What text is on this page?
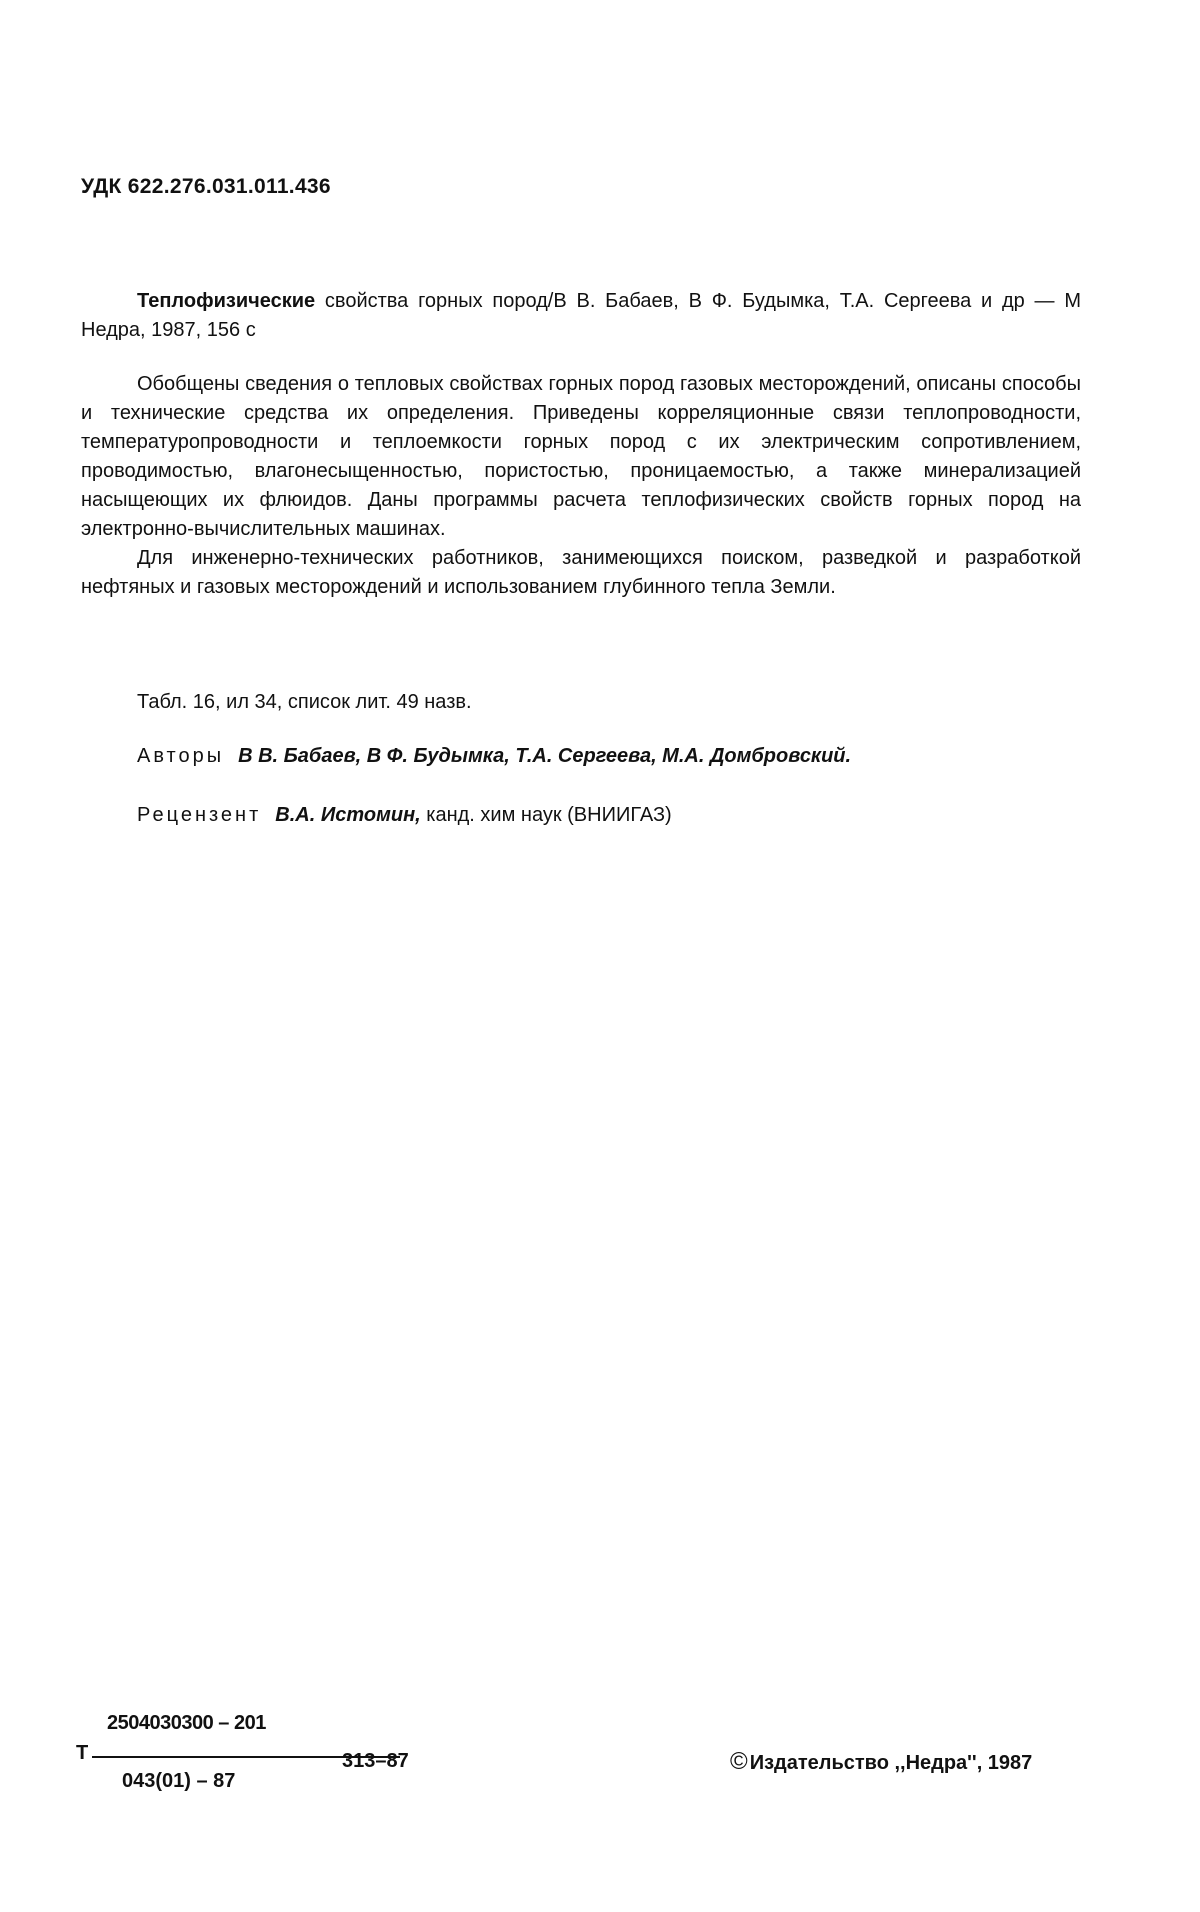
УДК 622.276.031.011.436

Теплофизические свойства горных пород/В В. Бабаев, В Ф. Будымка, Т.А. Сергеева и др — М Недра, 1987, 156 с

Обобщены сведения о тепловых свойствах горных пород газовых месторождений, описаны способы и технические средства их определения. Приведены корреляционные связи теплопроводности, температуропроводности и теплоемкости горных пород с их электрическим сопротивлением, проводимостью, влагонесыщенностью, пористостью, проницаемостью, а также минерализацией насыщеющих их флюидов. Даны программы расчета теплофизических свойств горных пород на электронно-вычислительных машинах.

Для инженерно-технических работников, занимеющихся поиском, разведкой и разработкой нефтяных и газовых месторождений и использованием глубинного тепла Земли.

Табл. 16, ил 34, список лит. 49 назв.
Авторы В В. Бабаев, В Ф. Будымка, Т.А. Сергеева, М.А. Домбровский.
Рецензент В.А. Истомин, канд. хим наук (ВНИИГАЗ)
Т
2504030300 – 201
043(01) – 87
313–87	© Издательство ,,Недра'', 1987
